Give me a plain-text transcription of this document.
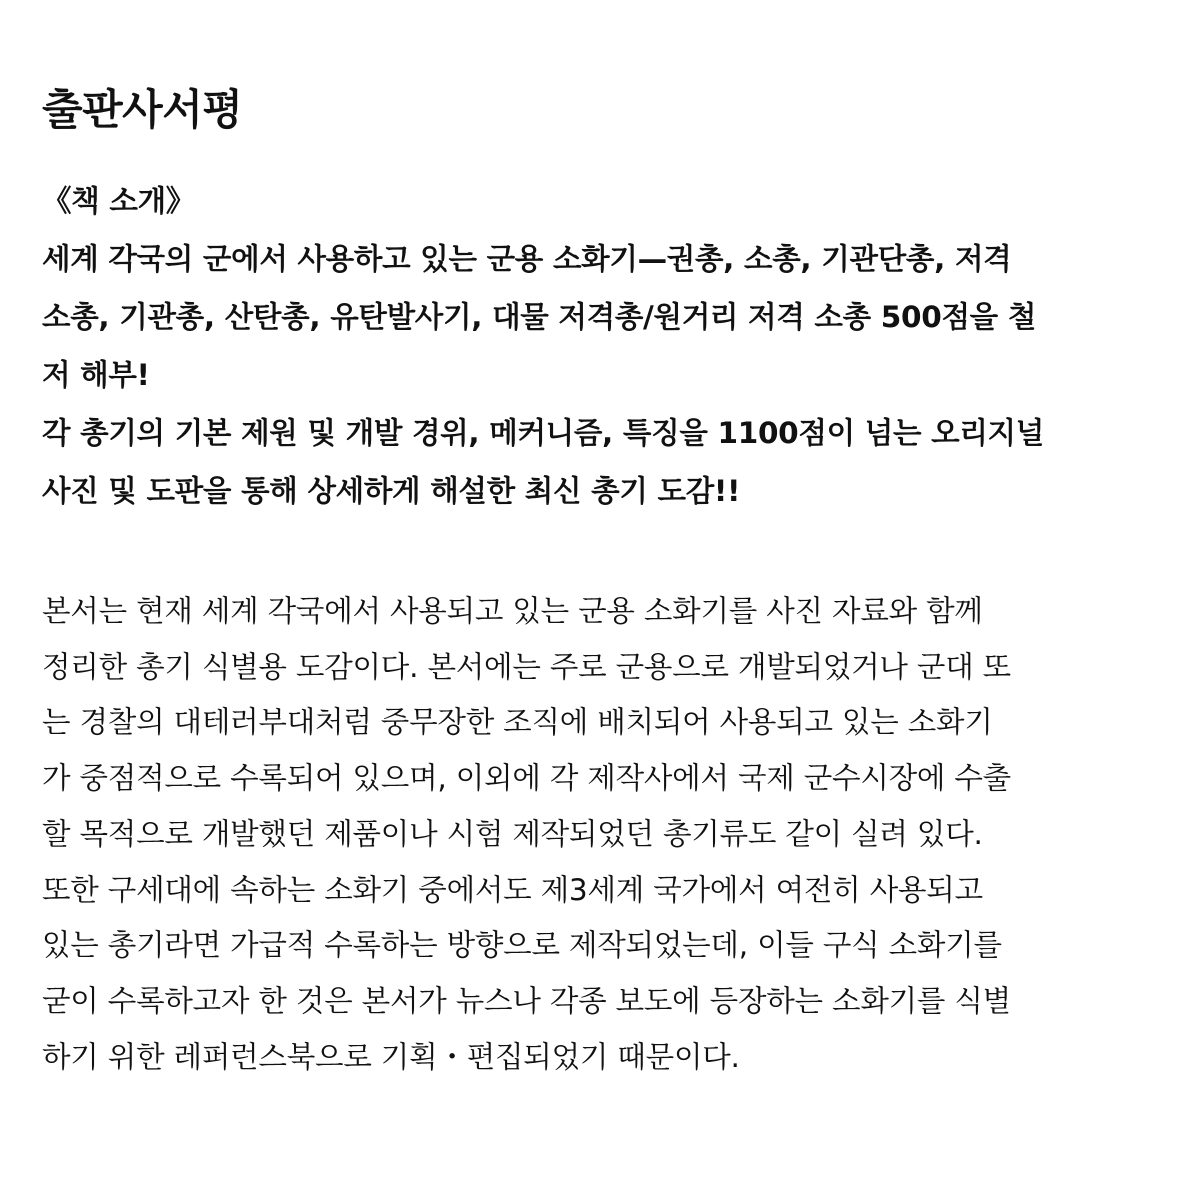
출판사서평
《책 소개》
세계 각국의 군에서 사용하고 있는 군용 소화기—권총, 소총, 기관단총, 저격
소총, 기관총, 산탄총, 유탄발사기, 대물 저격총/원거리 저격 소총 500점을 철
저 해부!
각 총기의 기본 제원 및 개발 경위, 메커니즘, 특징을 1100점이 넘는 오리지널
사진 및 도판을 통해 상세하게 해설한 최신 총기 도감!!
본서는 현재 세계 각국에서 사용되고 있는 군용 소화기를 사진 자료와 함께
정리한 총기 식별용 도감이다. 본서에는 주로 군용으로 개발되었거나 군대 또
는 경찰의 대테러부대처럼 중무장한 조직에 배치되어 사용되고 있는 소화기
가 중점적으로 수록되어 있으며, 이외에 각 제작사에서 국제 군수시장에 수출
할 목적으로 개발했던 제품이나 시험 제작되었던 총기류도 같이 실려 있다.
또한 구세대에 속하는 소화기 중에서도 제3세계 국가에서 여전히 사용되고
있는 총기라면 가급적 수록하는 방향으로 제작되었는데, 이들 구식 소화기를
굳이 수록하고자 한 것은 본서가 뉴스나 각종 보도에 등장하는 소화기를 식별
하기 위한 레퍼런스북으로 기획・편집되었기 때문이다.
